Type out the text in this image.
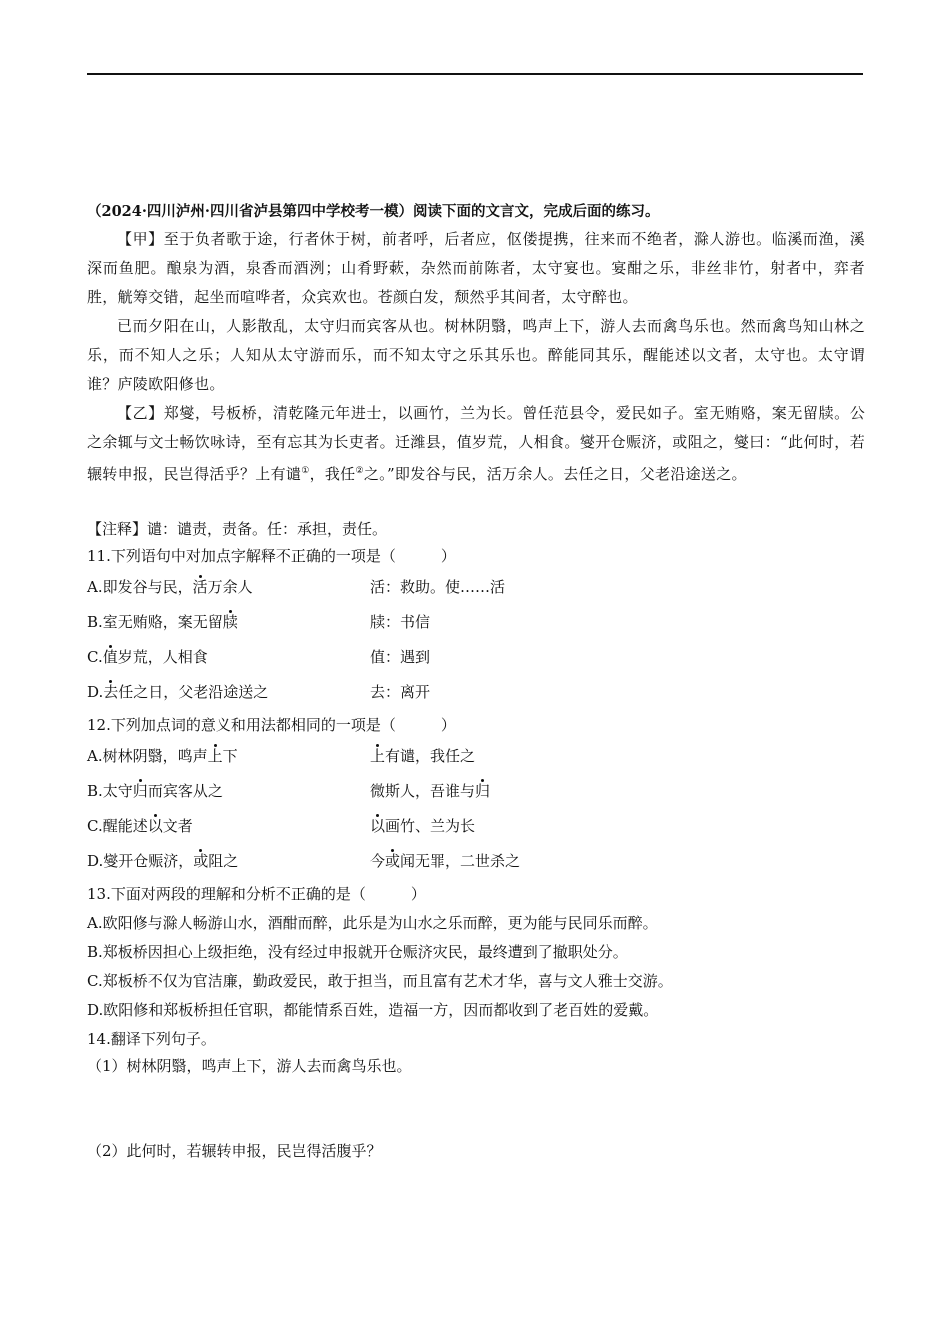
（2024·四川泸州·四川省泸县第四中学校考一模）阅读下面的文言文，完成后面的练习。
【甲】至于负者歌于途，行者休于树，前者呼，后者应，伛偻提携，往来而不绝者，滁人游也。临溪而渔，溪深而鱼肥。酿泉为酒，泉香而酒洌；山肴野蔌，杂然而前陈者，太守宴也。宴酣之乐，非丝非竹，射者中，弈者胜，觥筹交错，起坐而喧哗者，众宾欢也。苍颜白发，颓然乎其间者，太守醉也。
已而夕阳在山，人影散乱，太守归而宾客从也。树林阴翳，鸣声上下，游人去而禽鸟乐也。然而禽鸟知山林之乐，而不知人之乐；人知从太守游而乐，而不知太守之乐其乐也。醉能同其乐，醒能述以文者，太守也。太守谓谁？庐陵欧阳修也。
【乙】郑燮，号板桥，清乾隆元年进士，以画竹，兰为长。曾任范县令，爱民如子。室无贿赂，案无留牍。公之余辄与文士畅饮咏诗，至有忘其为长吏者。迁潍县，值岁荒，人相食。燮开仓赈济，或阻之，燮曰：“此何时，若辗转申报，民岂得活乎？上有谴①，我任②之。”即发谷与民，活万余人。去任之日，父老沿途送之。
【注释】谴：谴责，责备。任：承担，责任。
11.下列语句中对加点字解释不正确的一项是（　　　）
A.即发谷与民，活万余人	活：救助。使……活
B.室无贿赂，案无留牍	牍：书信
C.值岁荒，人相食	值：遇到
D.去任之日，父老沿途送之	去：离开
12.下列加点词的意义和用法都相同的一项是（　　　）
A.树林阴翳，鸣声上下	上有谴，我任之
B.太守归而宾客从之	微斯人，吾谁与归
C.醒能述以文者	以画竹、兰为长
D.燮开仓赈济，或阻之	今或闻无罪，二世杀之
13.下面对两段的理解和分析不正确的是（　　　）
A.欧阳修与滁人畅游山水，酒酣而醉，此乐是为山水之乐而醉，更为能与民同乐而醉。
B.郑板桥因担心上级拒绝，没有经过申报就开仓赈济灾民，最终遭到了撤职处分。
C.郑板桥不仅为官洁廉，勤政爱民，敢于担当，而且富有艺术才华，喜与文人雅士交游。
D.欧阳修和郑板桥担任官职，都能情系百姓，造福一方，因而都收到了老百姓的爱戴。
14.翻译下列句子。
（1）树林阴翳，鸣声上下，游人去而禽鸟乐也。
（2）此何时，若辗转申报，民岂得活腹乎？
